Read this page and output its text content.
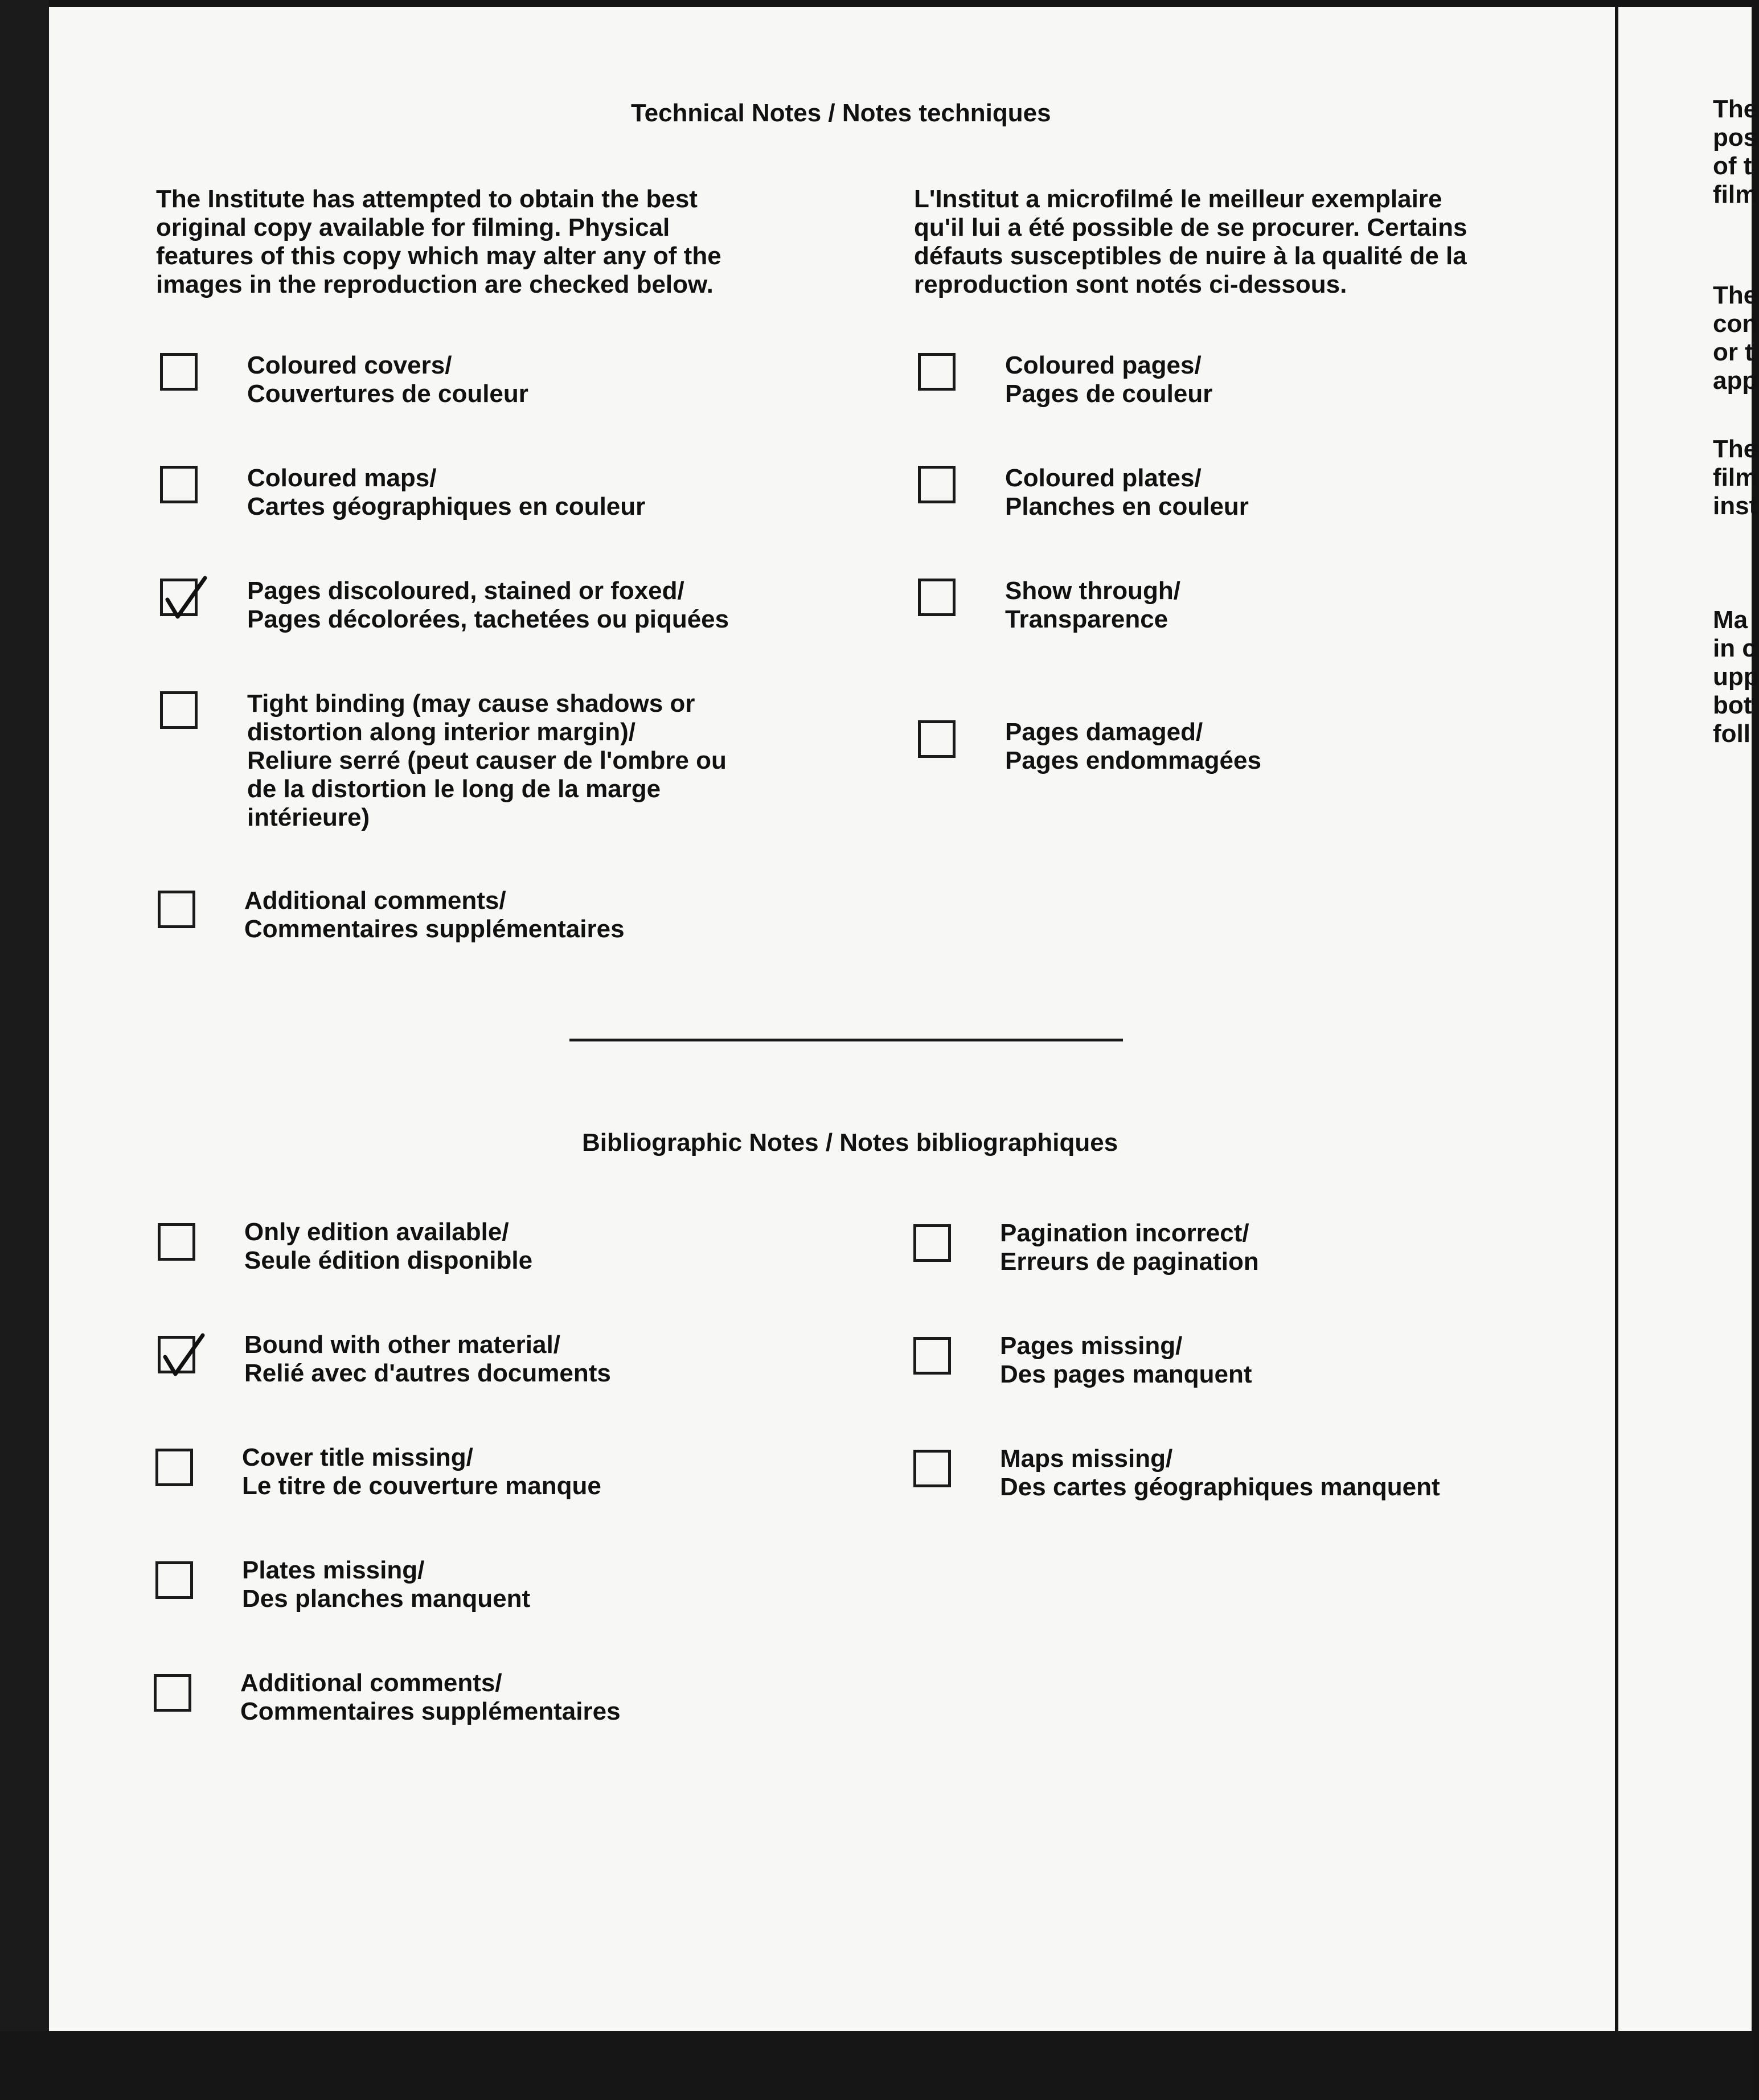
Technical Notes / Notes techniques
The Institute has attempted to obtain the best
original copy available for filming. Physical
features of this copy which may alter any of the
images in the reproduction are checked below.
L'Institut a microfilmé le meilleur exemplaire
qu'il lui a été possible de se procurer. Certains
défauts susceptibles de nuire à la qualité de la
reproduction sont notés ci-dessous.
Coloured covers/
Couvertures de couleur
Coloured maps/
Cartes géographiques en couleur
Pages discoloured, stained or foxed/
Pages décolorées, tachetées ou piquées
Tight binding (may cause shadows or
distortion along interior margin)/
Reliure serré (peut causer de l'ombre ou
de la distortion le long de la marge
intérieure)
Additional comments/
Commentaires supplémentaires
Coloured pages/
Pages de couleur
Coloured plates/
Planches en couleur
Show through/
Transparence
Pages damaged/
Pages endommagées
Bibliographic Notes / Notes bibliographiques
Only edition available/
Seule édition disponible
Bound with other material/
Relié avec d'autres documents
Cover title missing/
Le titre de couverture manque
Plates missing/
Des planches manquent
Additional comments/
Commentaires supplémentaires
Pagination incorrect/
Erreurs de pagination
Pages missing/
Des pages manquent
Maps missing/
Des cartes géographiques manquent
The
pos
of t
film
The
con
or t
app
The
film
inst
Ma
in c
upp
bot
foll
